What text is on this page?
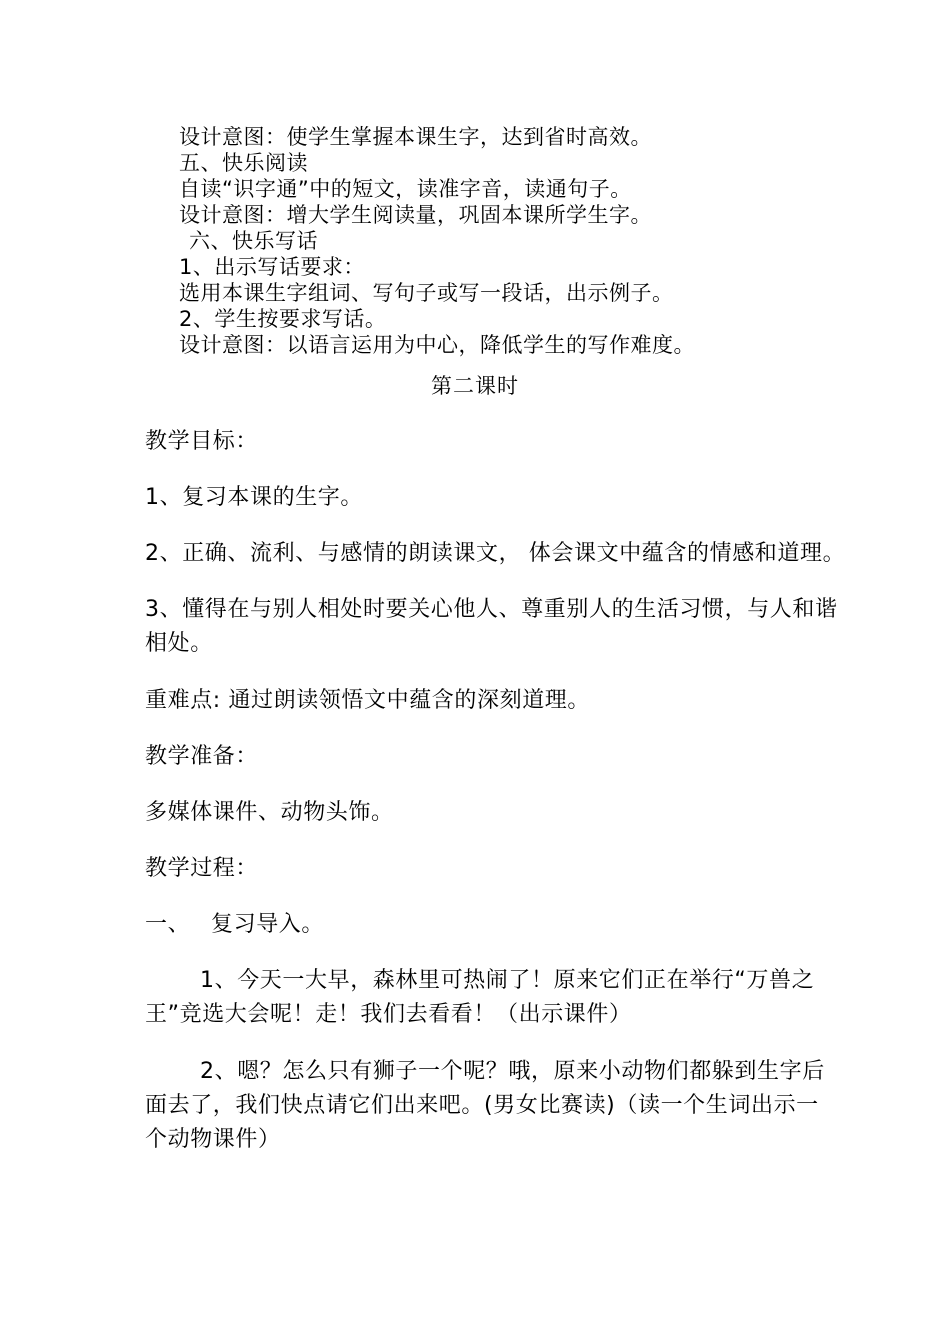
设计意图：使学生掌握本课生字，达到省时高效。
五、快乐阅读
自读“识字通”中的短文，读准字音，读通句子。
设计意图：增大学生阅读量，巩固本课所学生字。
六、快乐写话
1、出示写话要求：
选用本课生字组词、写句子或写一段话，出示例子。
2、学生按要求写话。
设计意图：以语言运用为中心，降低学生的写作难度。
第二课时
教学目标：
1、复习本课的生字。
2、正确、流利、与感情的朗读课文， 体会课文中蕴含的情感和道理。
3、懂得在与别人相处时要关心他人、尊重别人的生活习惯，与人和谐
相处。
重难点: 通过朗读领悟文中蕴含的深刻道理。
教学准备：
多媒体课件、动物头饰。
教学过程：
一、 复习导入。
1、今天一大早，森林里可热闹了！原来它们正在举行“万兽之
王”竞选大会呢！走！我们去看看！（出示课件）
2、嗯？怎么只有狮子一个呢？哦，原来小动物们都躲到生字后
面去了，我们快点请它们出来吧。(男女比赛读)（读一个生词出示一
个动物课件）
